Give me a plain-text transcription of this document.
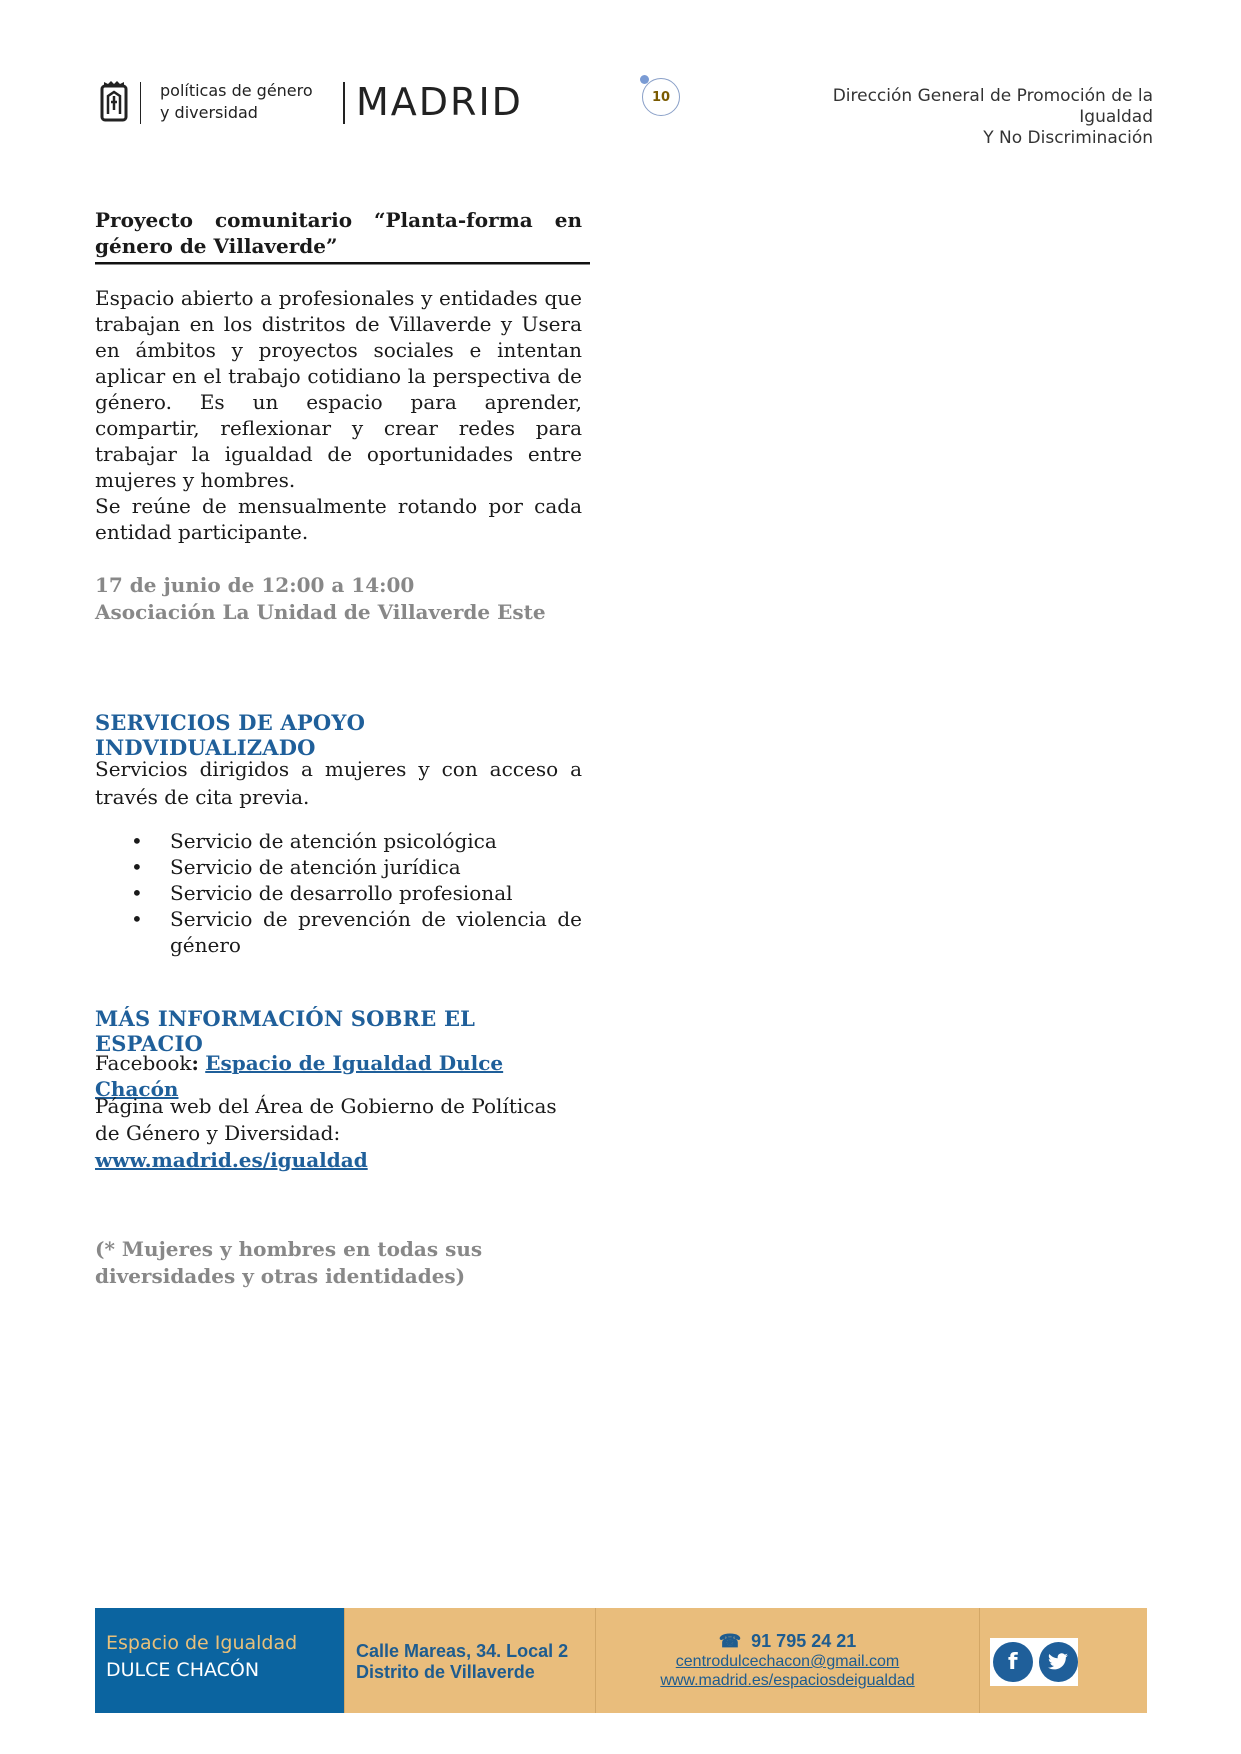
políticas de género
y diversidad	MADRID	10	Dirección General de Promoción de la
Igualdad
Y No Discriminación
Proyecto comunitario “Planta-forma en género de Villaverde”
Espacio abierto a profesionales y entidades que trabajan en los distritos de Villaverde y Usera en ámbitos y proyectos sociales e intentan aplicar en el trabajo cotidiano la perspectiva de género. Es un espacio para aprender, compartir, reflexionar y crear redes para trabajar la igualdad de oportunidades entre mujeres y hombres.
Se reúne de mensualmente rotando por cada entidad participante.
17 de junio de 12:00 a 14:00
Asociación La Unidad de Villaverde Este
SERVICIOS DE APOYO INDVIDUALIZADO
Servicios dirigidos a mujeres y con acceso a través de cita previa.
• Servicio de atención psicológica
• Servicio de atención jurídica
• Servicio de desarrollo profesional
• Servicio de prevención de violencia de género
MÁS INFORMACIÓN SOBRE EL ESPACIO
Facebook: Espacio de Igualdad Dulce Chacón
Página web del Área de Gobierno de Políticas de Género y Diversidad:
www.madrid.es/igualdad
(* Mujeres y hombres en todas sus
diversidades y otras identidades)
Espacio de Igualdad
DULCE CHACÓN
Calle Mareas, 34. Local 2
Distrito de Villaverde
☎ 91 795 24 21
centrodulcechacon@gmail.com
www.madrid.es/espaciosdeigualdad
f
